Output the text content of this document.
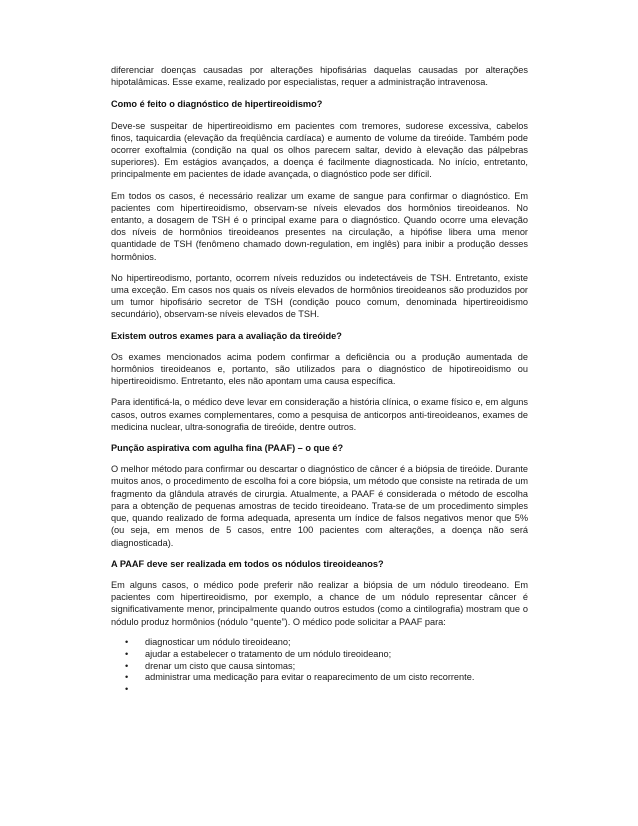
diferenciar doenças causadas por alterações hipofisárias daquelas causadas por alterações hipotalâmicas. Esse exame, realizado por especialistas, requer a administração intravenosa.

Como é feito o diagnóstico de hipertireoidismo?

Deve-se suspeitar de hipertireoidismo em pacientes com tremores, sudorese excessiva, cabelos finos, taquicardia (elevação da freqüência cardíaca) e aumento de volume da tireóide. Também pode ocorrer exoftalmia (condição na qual os olhos parecem saltar, devido à elevação das pálpebras superiores). Em estágios avançados, a doença é facilmente diagnosticada. No início, entretanto, principalmente em pacientes de idade avançada, o diagnóstico pode ser difícil.

Em todos os casos, é necessário realizar um exame de sangue para confirmar o diagnóstico. Em pacientes com hipertireoidismo, observam-se níveis elevados dos hormônios tireoideanos. No entanto, a dosagem de TSH é o principal exame para o diagnóstico. Quando ocorre uma elevação dos níveis de hormônios tireoideanos presentes na circulação, a hipófise libera uma menor quantidade de TSH (fenômeno chamado down-regulation, em inglês) para inibir a produção desses hormônios.

No hipertireodismo, portanto, ocorrem níveis reduzidos ou indetectáveis de TSH. Entretanto, existe uma exceção. Em casos nos quais os níveis elevados de hormônios tireoideanos são produzidos por um tumor hipofisário secretor de TSH (condição pouco comum, denominada hipertireoidismo secundário), observam-se níveis elevados de TSH.

Existem outros exames para a avaliação da tireóide?

Os exames mencionados acima podem confirmar a deficiência ou a produção aumentada de hormônios tireoideanos e, portanto, são utilizados para o diagnóstico de hipotireoidismo ou hipertireoidismo. Entretanto, eles não apontam uma causa específica.

Para identificá-la, o médico deve levar em consideração a história clínica, o exame físico e, em alguns casos, outros exames complementares, como a pesquisa de anticorpos anti-tireoideanos, exames de medicina nuclear, ultra-sonografia de tireóide, dentre outros.

Punção aspirativa com agulha fina (PAAF) – o que é?

O melhor método para confirmar ou descartar o diagnóstico de câncer é a biópsia de tireóide. Durante muitos anos, o procedimento de escolha foi a core biópsia, um método que consiste na retirada de um fragmento da glândula através de cirurgia. Atualmente, a PAAF é considerada o método de escolha para a obtenção de pequenas amostras de tecido tireoideano. Trata-se de um procedimento simples que, quando realizado de forma adequada, apresenta um índice de falsos negativos menor que 5% (ou seja, em menos de 5 casos, entre 100 pacientes com alterações, a doença não será diagnosticada).

A PAAF deve ser realizada em todos os nódulos tireoideanos?

Em alguns casos, o médico pode preferir não realizar a biópsia de um nódulo tireodeano. Em pacientes com hipertireoidismo, por exemplo, a chance de um nódulo representar câncer é significativamente menor, principalmente quando outros estudos (como a cintilografia) mostram que o nódulo produz hormônios (nódulo “quente”). O médico pode solicitar a PAAF para:

• diagnosticar um nódulo tireoideano;
• ajudar a estabelecer o tratamento de um nódulo tireoideano;
• drenar um cisto que causa sintomas;
• administrar uma medicação para evitar o reaparecimento de um cisto recorrente.
•
